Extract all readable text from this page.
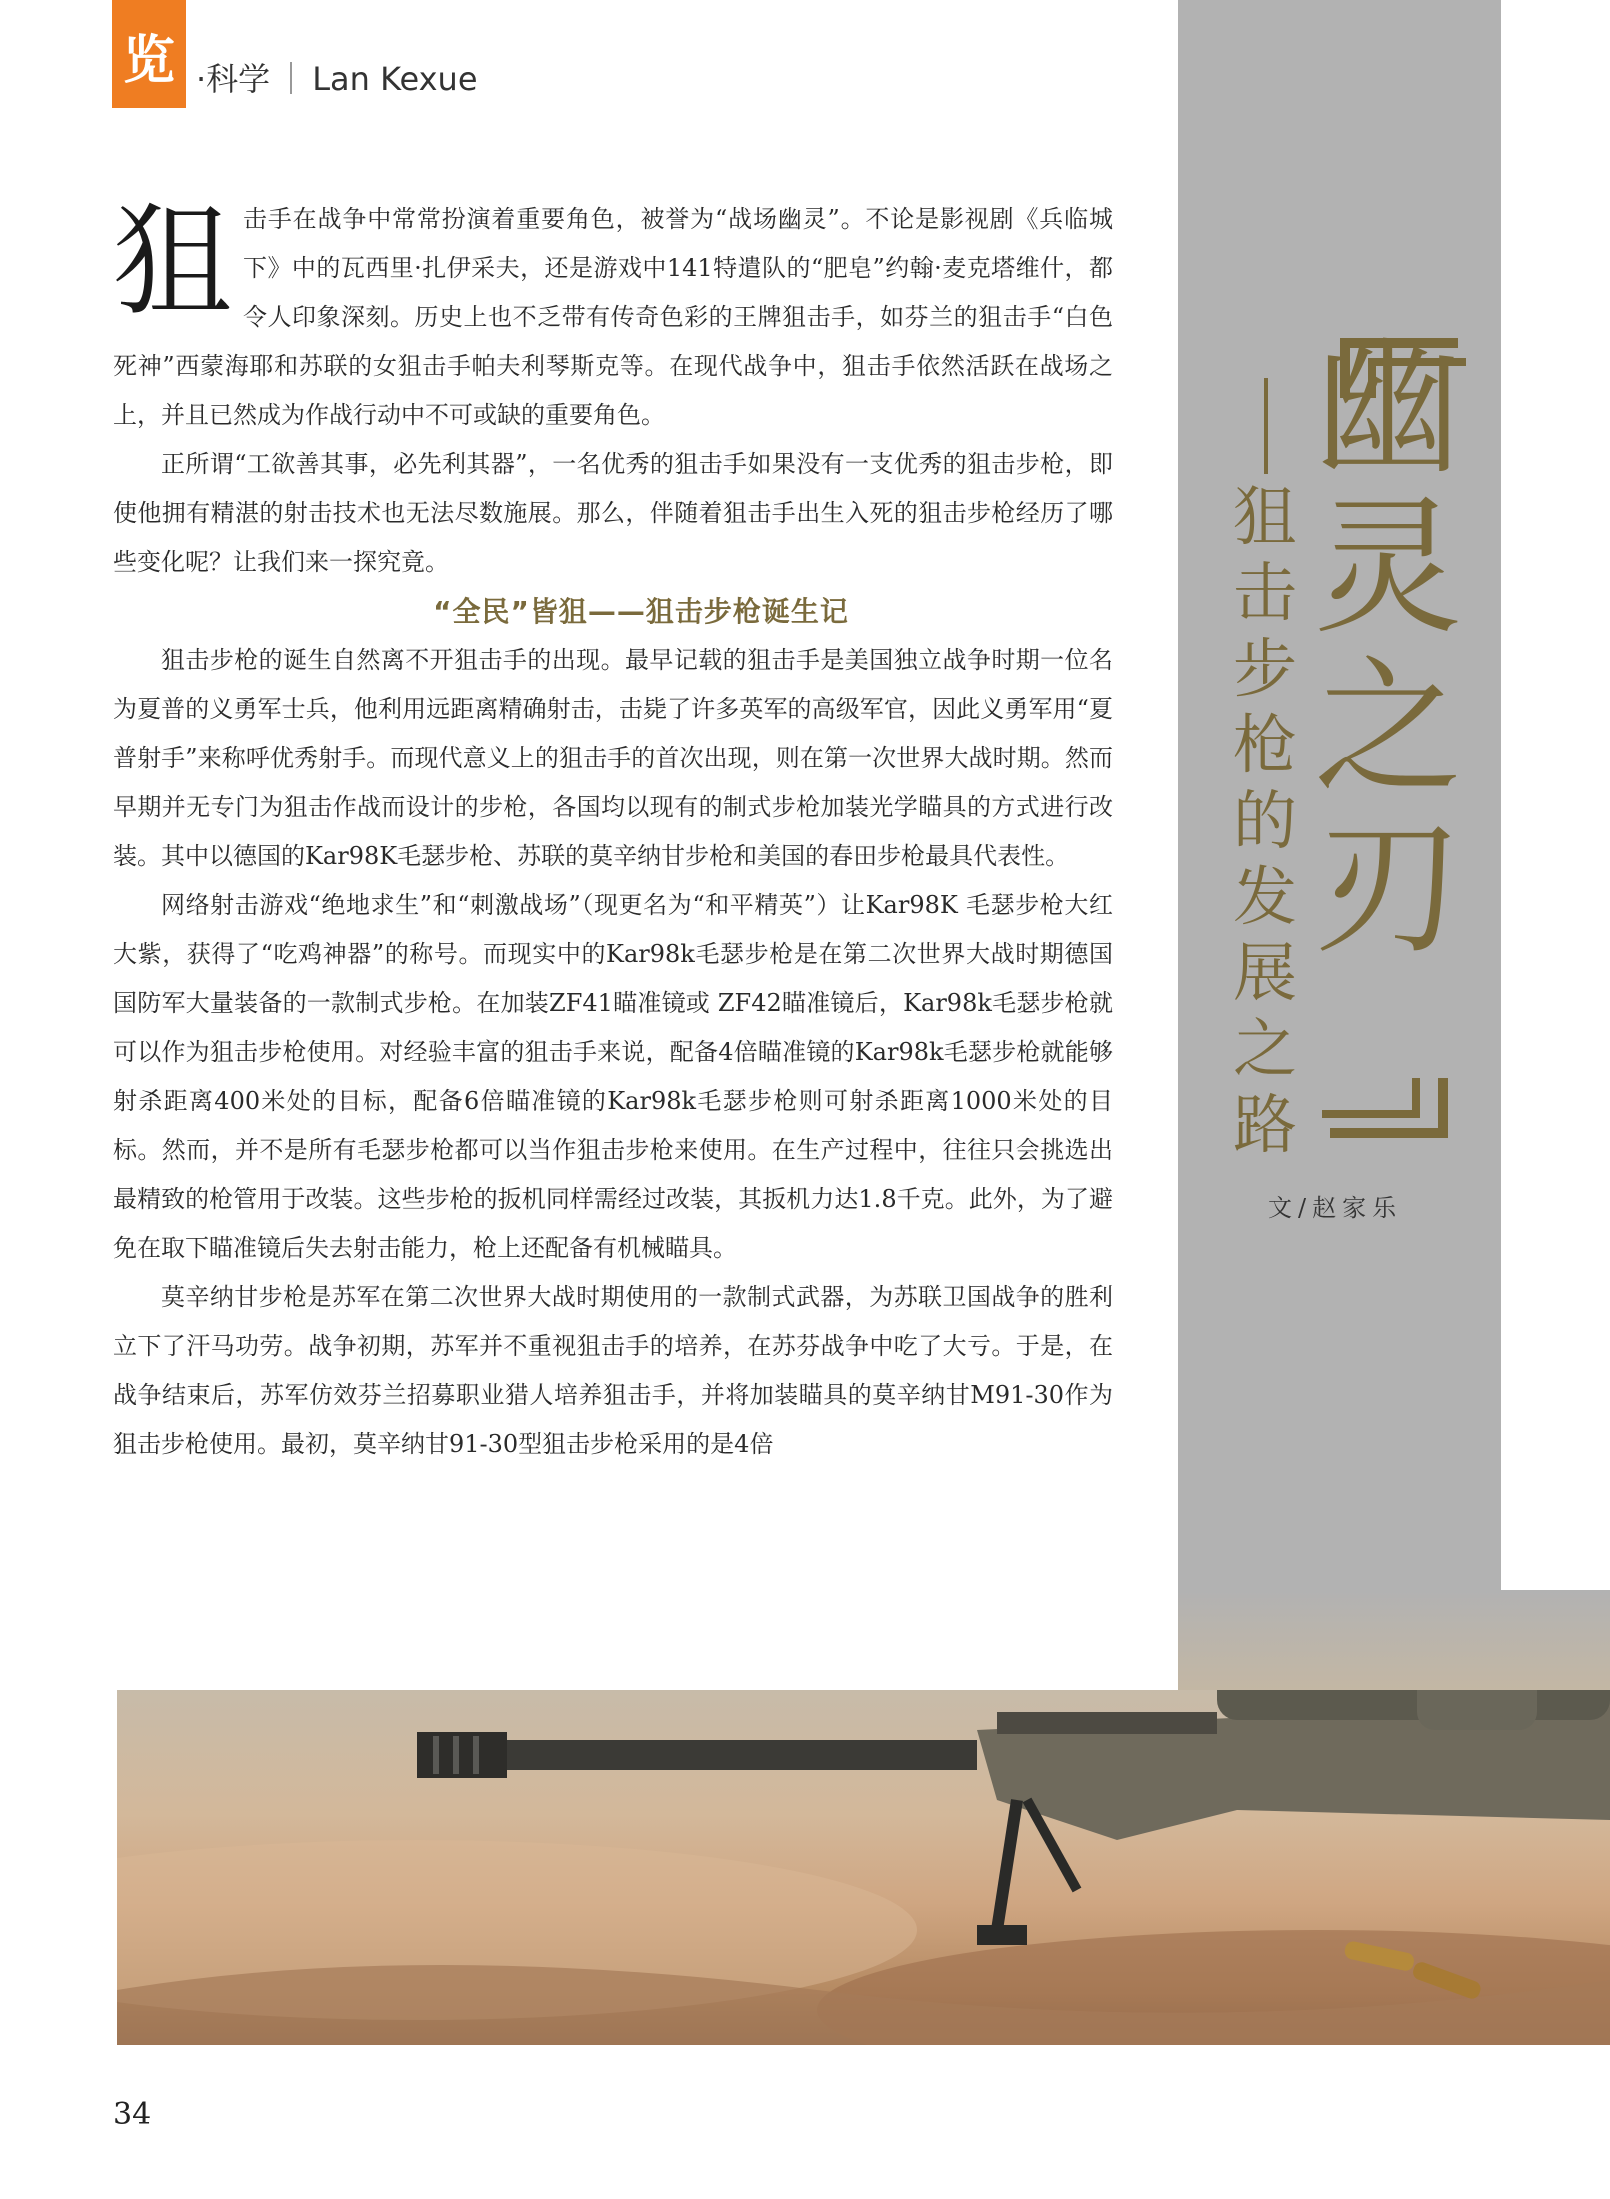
览 ·科学 Lan Kexue
幽灵之刃
狙击步枪的发展之路
文/赵家乐

狙击手在战争中常常扮演着重要角色，被誉为“战场幽灵”。不论是影视剧《兵临城下》中的瓦西里·扎伊采夫，还是游戏中141特遣队的“肥皂”约翰·麦克塔维什，都令人印象深刻。历史上也不乏带有传奇色彩的王牌狙击手，如芬兰的狙击手“白色死神”西蒙海耶和苏联的女狙击手帕夫利琴斯克等。在现代战争中，狙击手依然活跃在战场之上，并且已然成为作战行动中不可或缺的重要角色。

正所谓“工欲善其事，必先利其器”，一名优秀的狙击手如果没有一支优秀的狙击步枪，即使他拥有精湛的射击技术也无法尽数施展。那么，伴随着狙击手出生入死的狙击步枪经历了哪些变化呢？让我们来一探究竟。

“全民”皆狙——狙击步枪诞生记

狙击步枪的诞生自然离不开狙击手的出现。最早记载的狙击手是美国独立战争时期一位名为夏普的义勇军士兵，他利用远距离精确射击，击毙了许多英军的高级军官，因此义勇军用“夏普射手”来称呼优秀射手。而现代意义上的狙击手的首次出现，则在第一次世界大战时期。然而早期并无专门为狙击作战而设计的步枪，各国均以现有的制式步枪加装光学瞄具的方式进行改装。其中以德国的Kar98K毛瑟步枪、苏联的莫辛纳甘步枪和美国的春田步枪最具代表性。

网络射击游戏“绝地求生”和“刺激战场”（现更名为“和平精英”）让Kar98K 毛瑟步枪大红大紫，获得了“吃鸡神器”的称号。而现实中的Kar98k毛瑟步枪是在第二次世界大战时期德国国防军大量装备的一款制式步枪。在加装ZF41瞄准镜或 ZF42瞄准镜后，Kar98k毛瑟步枪就可以作为狙击步枪使用。对经验丰富的狙击手来说，配备4倍瞄准镜的Kar98k毛瑟步枪就能够射杀距离400米处的目标，配备6倍瞄准镜的Kar98k毛瑟步枪则可射杀距离1000米处的目标。然而，并不是所有毛瑟步枪都可以当作狙击步枪来使用。在生产过程中，往往只会挑选出最精致的枪管用于改装。这些步枪的扳机同样需经过改装，其扳机力达1.8千克。此外，为了避免在取下瞄准镜后失去射击能力，枪上还配备有机械瞄具。

莫辛纳甘步枪是苏军在第二次世界大战时期使用的一款制式武器，为苏联卫国战争的胜利立下了汗马功劳。战争初期，苏军并不重视狙击手的培养，在苏芬战争中吃了大亏。于是，在战争结束后，苏军仿效芬兰招募职业猎人培养狙击手，并将加装瞄具的莫辛纳甘M91-30作为狙击步枪使用。最初，莫辛纳甘91-30型狙击步枪采用的是4倍

34
